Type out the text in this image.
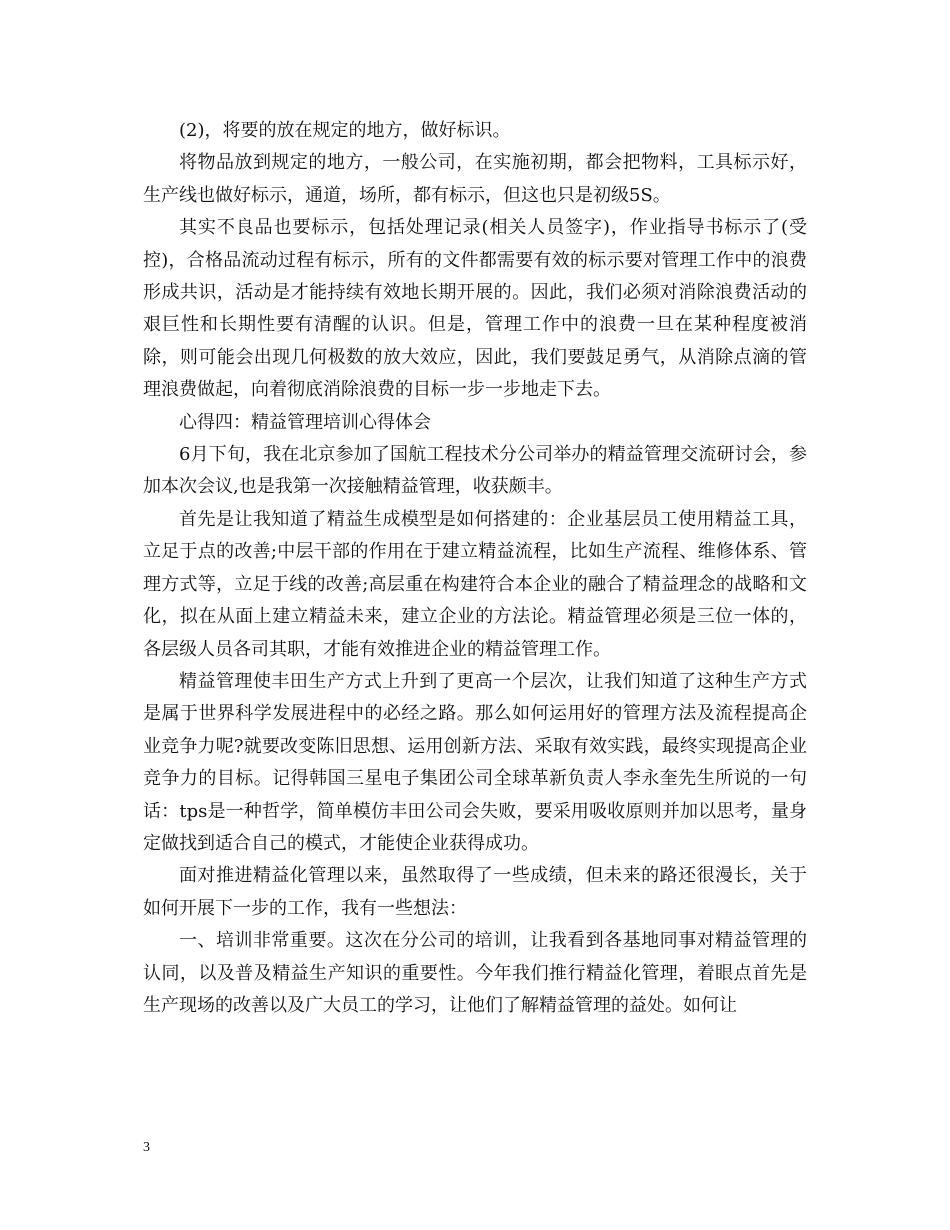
(2)，将要的放在规定的地方，做好标识。

将物品放到规定的地方，一般公司，在实施初期，都会把物料，工具标示好，生产线也做好标示，通道，场所，都有标示，但这也只是初级5S。

其实不良品也要标示，包括处理记录(相关人员签字)，作业指导书标示了(受控)，合格品流动过程有标示，所有的文件都需要有效的标示要对管理工作中的浪费形成共识，活动是才能持续有效地长期开展的。因此，我们必须对消除浪费活动的艰巨性和长期性要有清醒的认识。但是，管理工作中的浪费一旦在某种程度被消除，则可能会出现几何极数的放大效应，因此，我们要鼓足勇气，从消除点滴的管理浪费做起，向着彻底消除浪费的目标一步一步地走下去。

心得四：精益管理培训心得体会

6月下旬，我在北京参加了国航工程技术分公司举办的精益管理交流研讨会，参加本次会议,也是我第一次接触精益管理，收获颇丰。

首先是让我知道了精益生成模型是如何搭建的：企业基层员工使用精益工具，立足于点的改善;中层干部的作用在于建立精益流程，比如生产流程、维修体系、管理方式等，立足于线的改善;高层重在构建符合本企业的融合了精益理念的战略和文化，拟在从面上建立精益未来，建立企业的方法论。精益管理必须是三位一体的，各层级人员各司其职，才能有效推进企业的精益管理工作。

精益管理使丰田生产方式上升到了更高一个层次，让我们知道了这种生产方式是属于世界科学发展进程中的必经之路。那么如何运用好的管理方法及流程提高企业竞争力呢?就要改变陈旧思想、运用创新方法、采取有效实践，最终实现提高企业竞争力的目标。记得韩国三星电子集团公司全球革新负责人李永奎先生所说的一句话：tps是一种哲学，简单模仿丰田公司会失败，要采用吸收原则并加以思考，量身定做找到适合自己的模式，才能使企业获得成功。

面对推进精益化管理以来，虽然取得了一些成绩，但未来的路还很漫长，关于如何开展下一步的工作，我有一些想法：

一、培训非常重要。这次在分公司的培训，让我看到各基地同事对精益管理的认同，以及普及精益生产知识的重要性。今年我们推行精益化管理，着眼点首先是生产现场的改善以及广大员工的学习，让他们了解精益管理的益处。如何让

3
